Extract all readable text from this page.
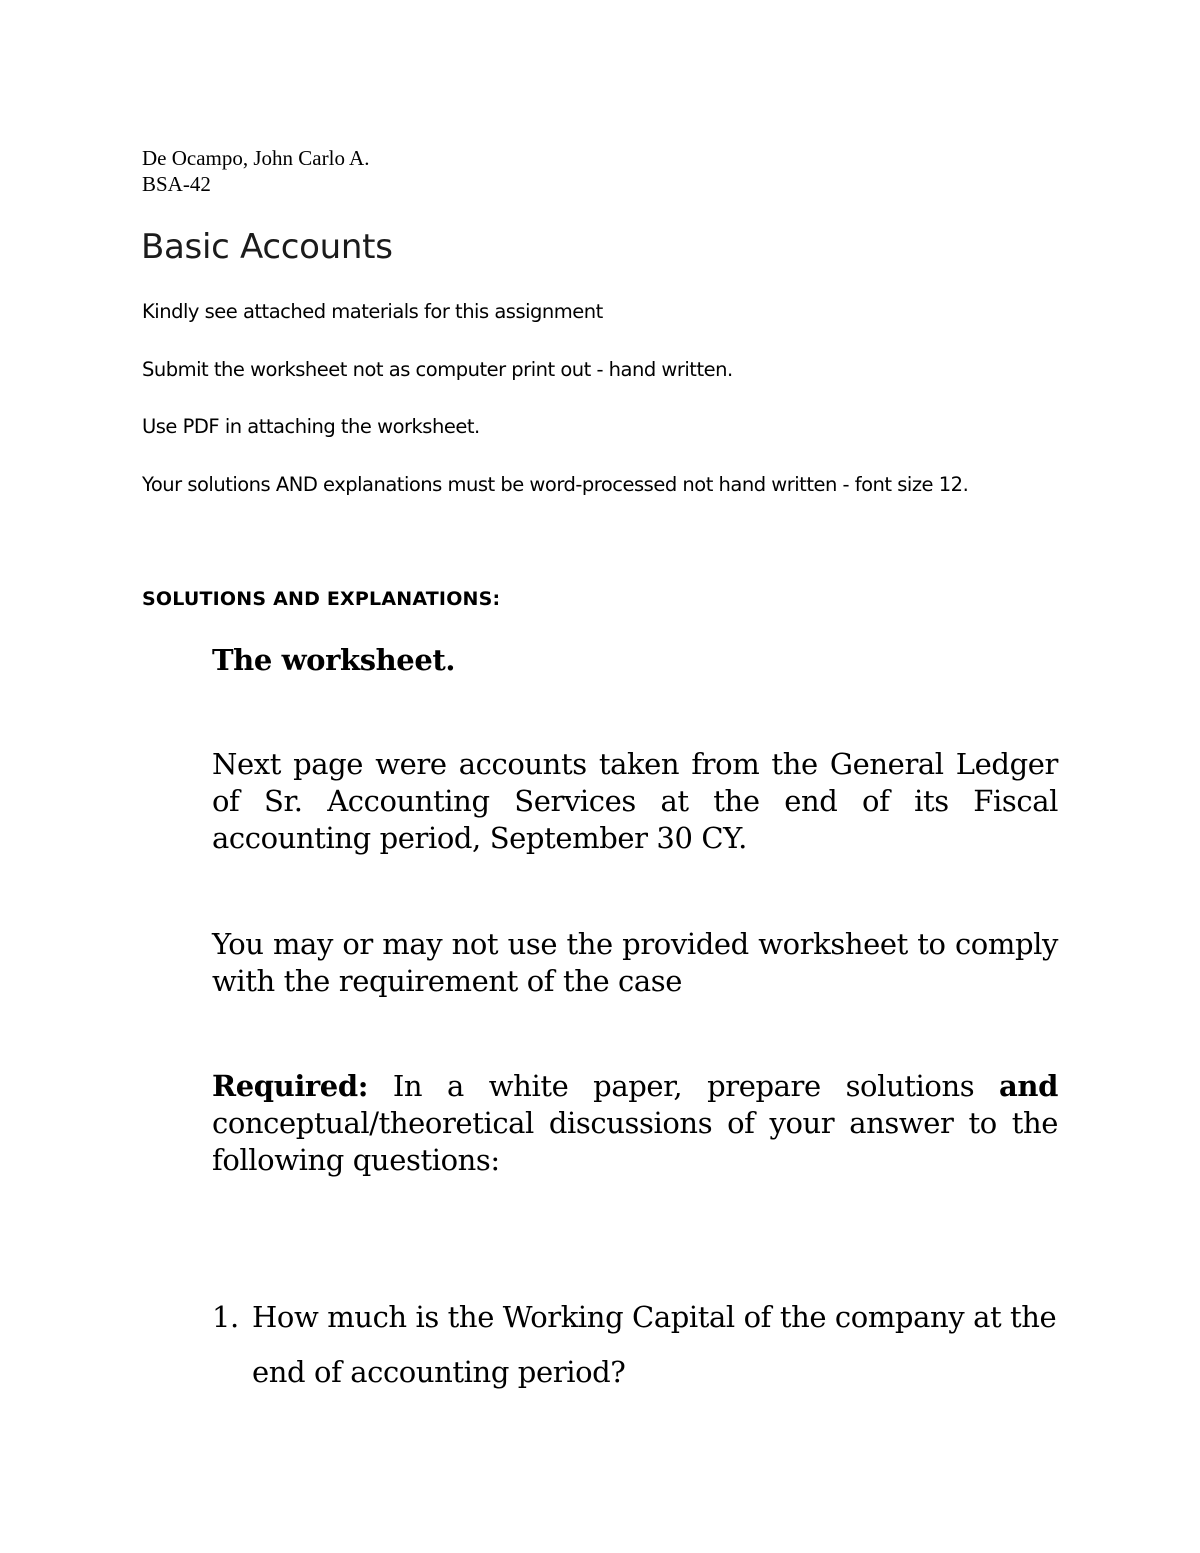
De Ocampo, John Carlo A.
BSA-42
Basic Accounts
Kindly see attached materials for this assignment
Submit the worksheet not as computer print out - hand written.
Use PDF in attaching the worksheet.
Your solutions AND explanations must be word-processed not hand written - font size 12.
SOLUTIONS AND EXPLANATIONS:
The worksheet.
Next page were accounts taken from the General Ledger of Sr. Accounting Services at the end of its Fiscal accounting period, September 30 CY.
You may or may not use the provided worksheet to comply with the requirement of the case
Required: In a white paper, prepare solutions and conceptual/theoretical discussions of your answer to the following questions:
1. How much is the Working Capital of the company at the end of accounting period?
